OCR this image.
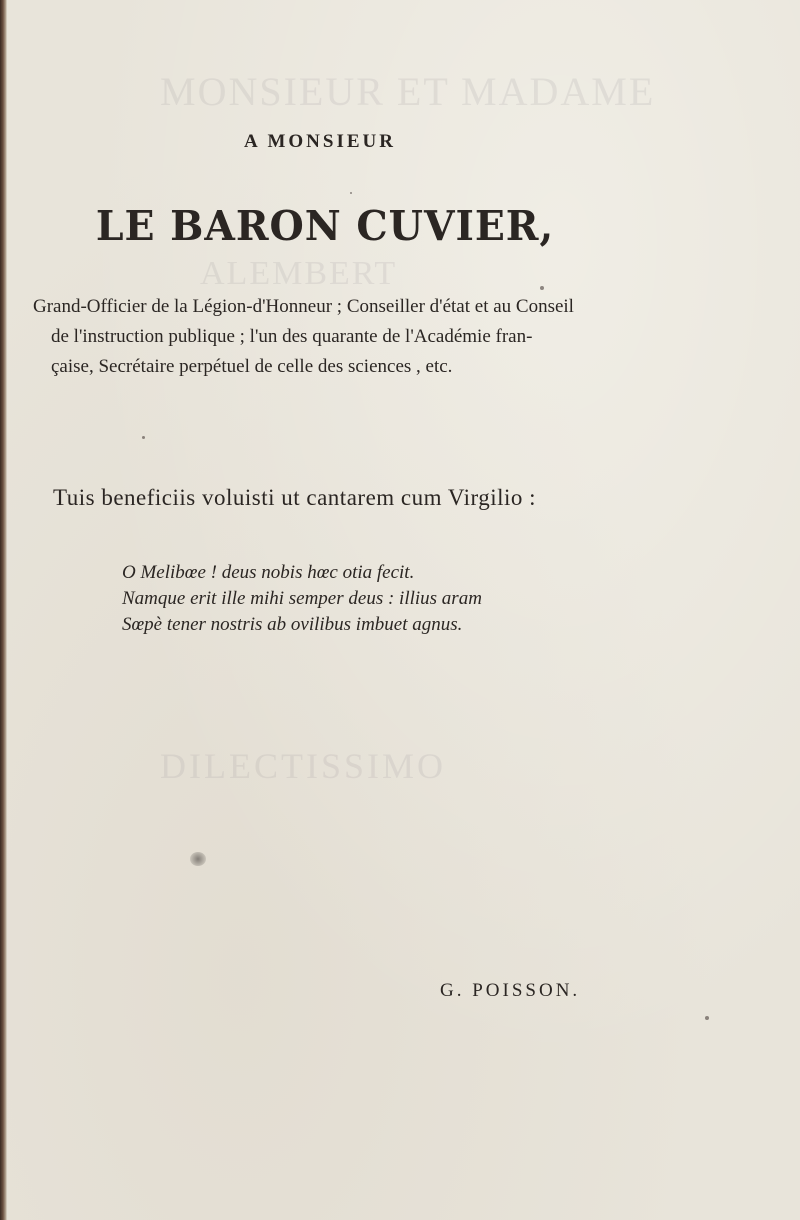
MONSIEUR ET MADAME
ALEMBERT
DILECTISSIMO
A MONSIEUR
LE BARON CUVIER,
Grand-Officier de la Légion-d'Honneur ; Conseiller d'état et au Conseil
de l'instruction publique ; l'un des quarante de l'Académie fran-
çaise, Secrétaire perpétuel de celle des sciences , etc.
Tuis beneficiis voluisti ut cantarem cum Virgilio :
O Melibœe ! deus nobis hœc otia fecit.
Namque erit ille mihi semper deus : illius aram
Sœpè tener nostris ab ovilibus imbuet agnus.
G. POISSON.
